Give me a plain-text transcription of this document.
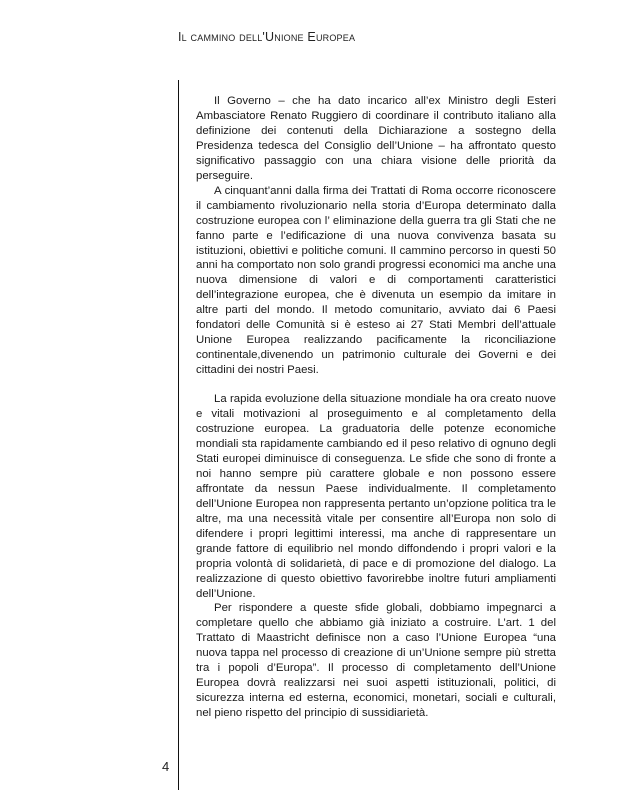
Il cammino dell'Unione Europea

Il Governo – che ha dato incarico all’ex Ministro degli Esteri Ambasciatore Renato Ruggiero di coordinare il contributo italiano alla definizione dei contenuti della Dichiarazione a sostegno della Presidenza tedesca del Consiglio dell’Unione – ha affrontato questo significativo passaggio con una chiara visione delle priorità da perseguire.

A cinquant’anni dalla firma dei Trattati di Roma occorre riconoscere il cambiamento rivoluzionario nella storia d’Europa determinato dalla costruzione europea con l’ eliminazione della guerra tra gli Stati che ne fanno parte e l’edificazione di una nuova convivenza basata su istituzioni, obiettivi e politiche comuni. Il cammino percorso in questi 50 anni ha comportato non solo grandi progressi economici ma anche una nuova dimensione di valori e di comportamenti caratteristici dell’integrazione europea, che è divenuta un esempio da imitare in altre parti del mondo. Il metodo comunitario, avviato dai 6 Paesi fondatori delle Comunità si è esteso ai 27 Stati Membri dell’attuale Unione Europea realizzando pacificamente la riconciliazione continentale,divenendo un patrimonio culturale dei Governi e dei cittadini dei nostri Paesi.

La rapida evoluzione della situazione mondiale ha ora creato nuove e vitali motivazioni al proseguimento e al completamento della costruzione europea. La graduatoria delle potenze economiche mondiali sta rapidamente cambiando ed il peso relativo di ognuno degli Stati europei diminuisce di conseguenza. Le sfide che sono di fronte a noi hanno sempre più carattere globale e non possono essere affrontate da nessun Paese individualmente. Il completamento dell’Unione Europea non rappresenta pertanto un’opzione politica tra le altre, ma una necessità vitale per consentire all’Europa non solo di difendere i propri legittimi interessi, ma anche di rappresentare un grande fattore di equilibrio nel mondo diffondendo i propri valori e la propria volontà di solidarietà, di pace e di promozione del dialogo. La realizzazione di questo obiettivo favorirebbe inoltre futuri ampliamenti dell’Unione.

Per rispondere a queste sfide globali, dobbiamo impegnarci a completare quello che abbiamo già iniziato a costruire. L’art. 1 del Trattato di Maastricht definisce non a caso l’Unione Europea “una nuova tappa nel processo di creazione di un’Unione sempre più stretta tra i popoli d’Europa”. Il processo di completamento dell’Unione Europea dovrà realizzarsi nei suoi aspetti istituzionali, politici, di sicurezza interna ed esterna, economici, monetari, sociali e culturali, nel pieno rispetto del principio di sussidiarietà.

4
